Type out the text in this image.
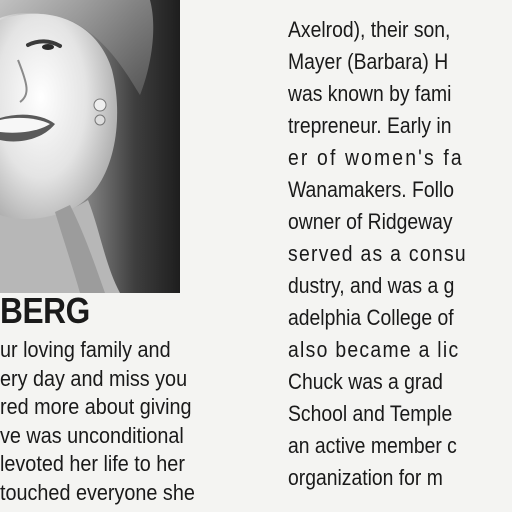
BERG
ur loving family and
ery day and miss you
red more about giving
ve was unconditional
levoted her life to her
touched everyone she
Axelrod), their son,
Mayer (Barbara) H
was known by fami
trepreneur. Early in
er of women's fa
Wanamakers. Follo
owner of Ridgeway
served as a consu
dustry, and was a g
adelphia College of
also became a lic
Chuck was a grad
School and Temple
an active member c
organization for m
